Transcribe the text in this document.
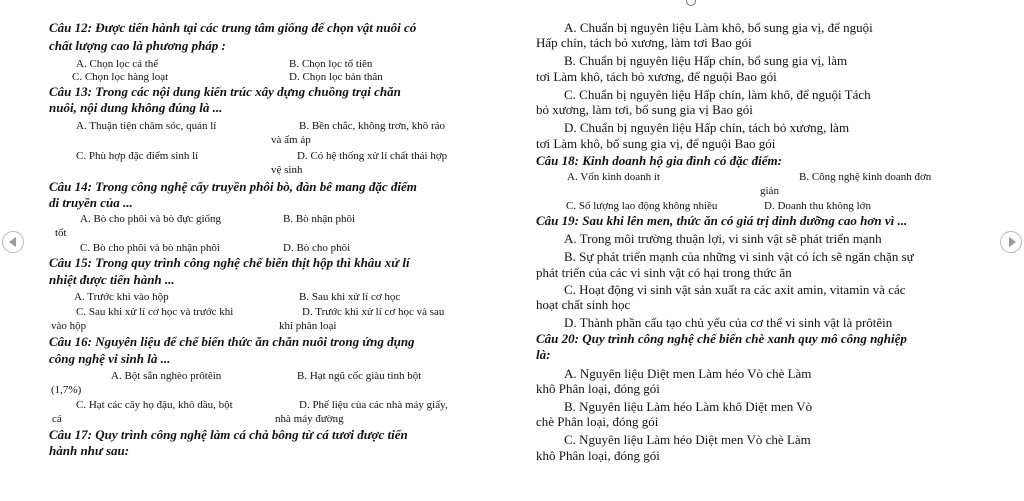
Câu 12: Được tiến hành tại các trung tâm giống để chọn vật nuôi có
chất lượng cao là phương pháp :
A. Chọn lọc cá thể	B. Chọn lọc tổ tiên
C. Chọn lọc hàng loạt	D. Chọn lọc bản thân
Câu 13: Trong các nội dung kiến trúc xây dựng chuồng trại chăn
nuôi, nội dung không đúng là ...
A. Thuận tiện chăm sóc, quản lí	B. Bền chắc, không trơn, khô ráo
và ấm áp
C. Phù hợp đặc điểm sinh lí	D. Có hệ thống xử lí chất thải hợp
vệ sinh
Câu 14: Trong công nghệ cấy truyền phôi bò, đàn bê mang đặc điểm
di truyền của ...
A. Bò cho phôi và bò đực giống	B. Bò nhận phôi
tốt
C. Bò cho phôi và bò nhận phôi	D. Bò cho phôi
Câu 15: Trong quy trình công nghệ chế biến thịt hộp thì khâu xử lí
nhiệt được tiến hành ...
A. Trước khi vào hộp	B. Sau khi xử lí cơ học
C. Sau khi xử lí cơ học và trước khi	D. Trước khi xử lí cơ học và sau
vào hộp	khi phân loại
Câu 16: Nguyên liệu để chế biến thức ăn chăn nuôi trong ứng dụng
công nghệ vi sinh là ...
A. Bột sắn nghèo prôtêin	B. Hạt ngũ cốc giàu tinh bột
(1,7%)
C. Hạt các cây họ đậu, khô dầu, bột	D. Phế liệu của các nhà máy giấy,
cá	nhà máy đường
Câu 17: Quy trình công nghệ làm cá chà bông từ cá tươi được tiến
hành như sau:
A. Chuẩn bị nguyên liệu Làm khô, bổ sung gia vị, để nguội
Hấp chín, tách bỏ xương, làm tơi Bao gói
B. Chuẩn bị nguyên liệu Hấp chín, bổ sung gia vị, làm
tơi Làm khô, tách bỏ xương, để nguội Bao gói
C. Chuẩn bị nguyên liệu Hấp chín, làm khô, để nguội Tách
bỏ xương, làm tơi, bổ sung gia vị Bao gói
D. Chuẩn bị nguyên liệu Hấp chín, tách bỏ xương, làm
tơi Làm khô, bổ sung gia vị, để nguội Bao gói
Câu 18: Kinh doanh hộ gia đình có đặc điểm:
A. Vốn kinh doanh ít	B. Công nghệ kinh doanh đơn
giản
C. Số lượng lao động không nhiều	D. Doanh thu không lớn
Câu 19: Sau khi lên men, thức ăn có giá trị dinh dưỡng cao hơn vì ...
A. Trong môi trường thuận lợi, vi sinh vật sẽ phát triển mạnh
B. Sự phát triển mạnh của những vi sinh vật có ích sẽ ngăn chặn sự
phát triển của các vi sinh vật có hại trong thức ăn
C. Hoạt động vi sinh vật sản xuất ra các axit amin, vitamin và các
hoạt chất sinh học
D. Thành phần cấu tạo chủ yếu của cơ thể vi sinh vật là prôtêin
Câu 20: Quy trình công nghệ chế biến chè xanh quy mô công nghiệp
là:
A. Nguyên liệu Diệt men Làm héo Vò chè Làm
khô Phân loại, đóng gói
B. Nguyên liệu Làm héo Làm khô Diệt men Vò
chè Phân loại, đóng gói
C. Nguyên liệu Làm héo Diệt men Vò chè Làm
khô Phân loại, đóng gói
